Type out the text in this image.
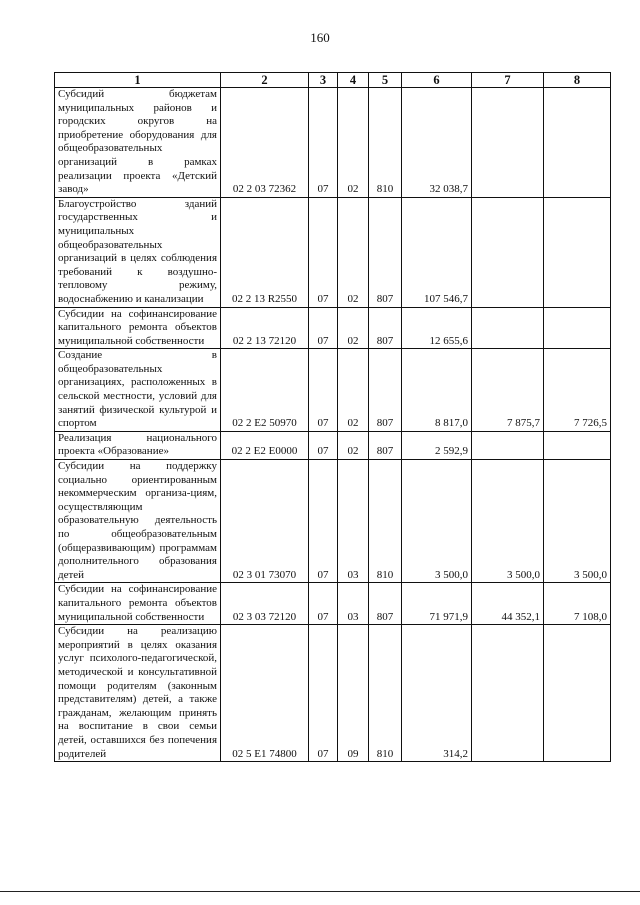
160
1	2	3	4	5	6	7	8
Субсидий бюджетам муниципальных районов и городских округов на приобретение оборудования для общеобразовательных организаций в рамках реализации проекта «Детский завод»	02 2 03 72362	07	02	810	32 038,7		
Благоустройство зданий государственных и муниципальных общеобразовательных организаций в целях соблюдения требований к воздушно-тепловому режиму, водоснабжению и канализации	02 2 13 R2550	07	02	807	107 546,7		
Субсидии на софинансирование капитального ремонта объектов муниципальной собственности	02 2 13 72120	07	02	807	12 655,6		
Создание в общеобразовательных организациях, расположенных в сельской местности, условий для занятий физической культурой и спортом	02 2 E2 50970	07	02	807	8 817,0	7 875,7	7 726,5
Реализация национального проекта «Образование»	02 2 E2 E0000	07	02	807	2 592,9		
Субсидии на поддержку социально ориентированным некоммерческим организа-циям, осуществляющим образовательную деятельность по общеобразовательным (общеразвивающим) программам дополнительного образования детей	02 3 01 73070	07	03	810	3 500,0	3 500,0	3 500,0
Субсидии на софинансирование капитального ремонта объектов муниципальной собственности	02 3 03 72120	07	03	807	71 971,9	44 352,1	7 108,0
Субсидии на реализацию мероприятий в целях оказания услуг психолого-педагогической, методической и консультативной помощи родителям (законным представителям) детей, а также гражданам, желающим принять на воспитание в свои семьи детей, оставшихся без попечения родителей	02 5 E1 74800	07	09	810	314,2		
